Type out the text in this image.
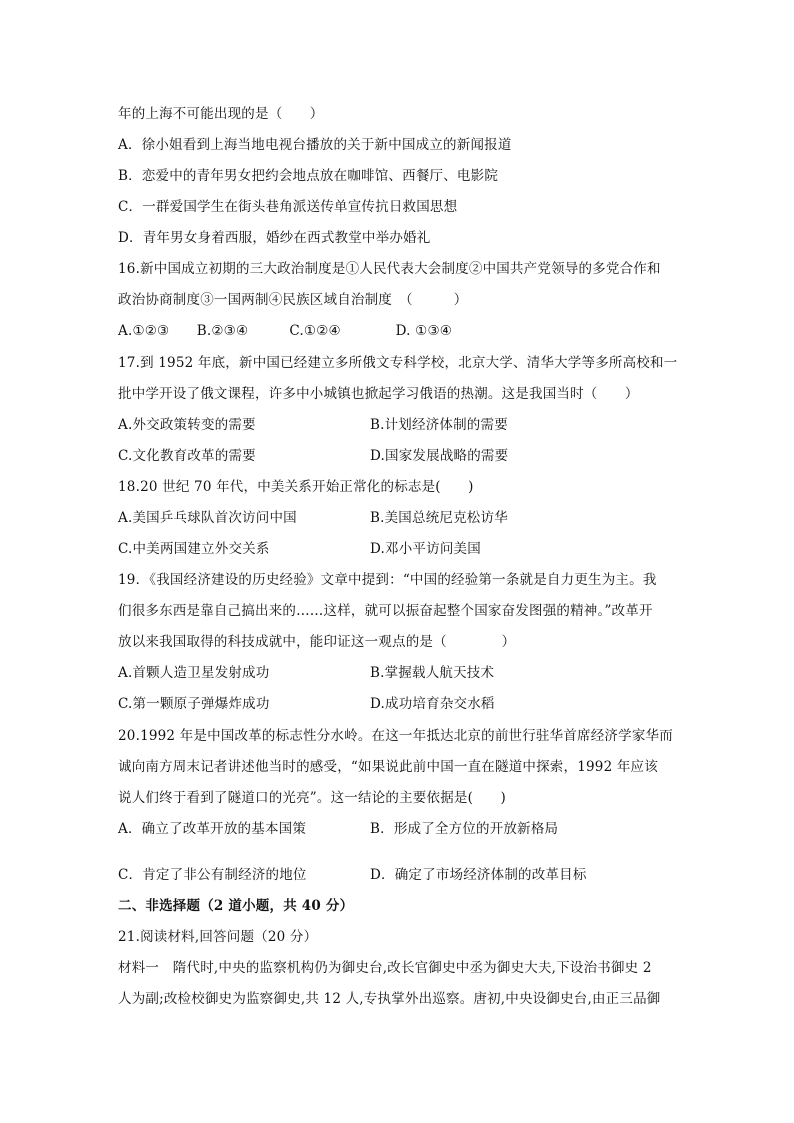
年的上海不可能出现的是（　　）
A．徐小姐看到上海当地电视台播放的关于新中国成立的新闻报道
B．恋爱中的青年男女把约会地点放在咖啡馆、西餐厅、电影院
C．一群爱国学生在街头巷角派送传单宣传抗日救国思想
D．青年男女身着西服，婚纱在西式教堂中举办婚礼
16.新中国成立初期的三大政治制度是①人民代表大会制度②中国共产党领导的多党合作和
政治协商制度③一国两制④民族区域自治制度　（　　　）
A.①②③　　B.②③④　　　C.①②④　　　　D. ①③④
17.到 1952 年底，新中国已经建立多所俄文专科学校，北京大学、清华大学等多所高校和一
批中学开设了俄文课程，许多中小城镇也掀起学习俄语的热潮。这是我国当时（　　）
A.外交政策转变的需要	B.计划经济体制的需要
C.文化教育改革的需要	D.国家发展战略的需要
18.20 世纪 70 年代，中美关系开始正常化的标志是(　　)
A.美国乒乓球队首次访问中国	B.美国总统尼克松访华
C.中美两国建立外交关系	D.邓小平访问美国
19．《我国经济建设的历史经验》文章中提到：“中国的经验第一条就是自力更生为主。我
们很多东西是靠自己搞出来的……这样，就可以振奋起整个国家奋发图强的精神。”改革开
放以来我国取得的科技成就中，能印证这一观点的是（　　　　）
A.首颗人造卫星发射成功	B.掌握载人航天技术
C.第一颗原子弹爆炸成功	D.成功培育杂交水稻
20.1992 年是中国改革的标志性分水岭。在这一年抵达北京的前世行驻华首席经济学家华而
诚向南方周末记者讲述他当时的感受，“如果说此前中国一直在隧道中探索，1992 年应该
说人们终于看到了隧道口的光亮”。这一结论的主要依据是(　　)
A．确立了改革开放的基本国策	B．形成了全方位的开放新格局
C．肯定了非公有制经济的地位	D．确定了市场经济体制的改革目标
二、非选择题（2 道小题，共 40 分）
21.阅读材料,回答问题（20 分）
材料一　隋代时,中央的监察机构仍为御史台,改长官御史中丞为御史大夫,下设治书御史 2
人为副;改检校御史为监察御史,共 12 人,专执掌外出巡察。唐初,中央设御史台,由正三品御
